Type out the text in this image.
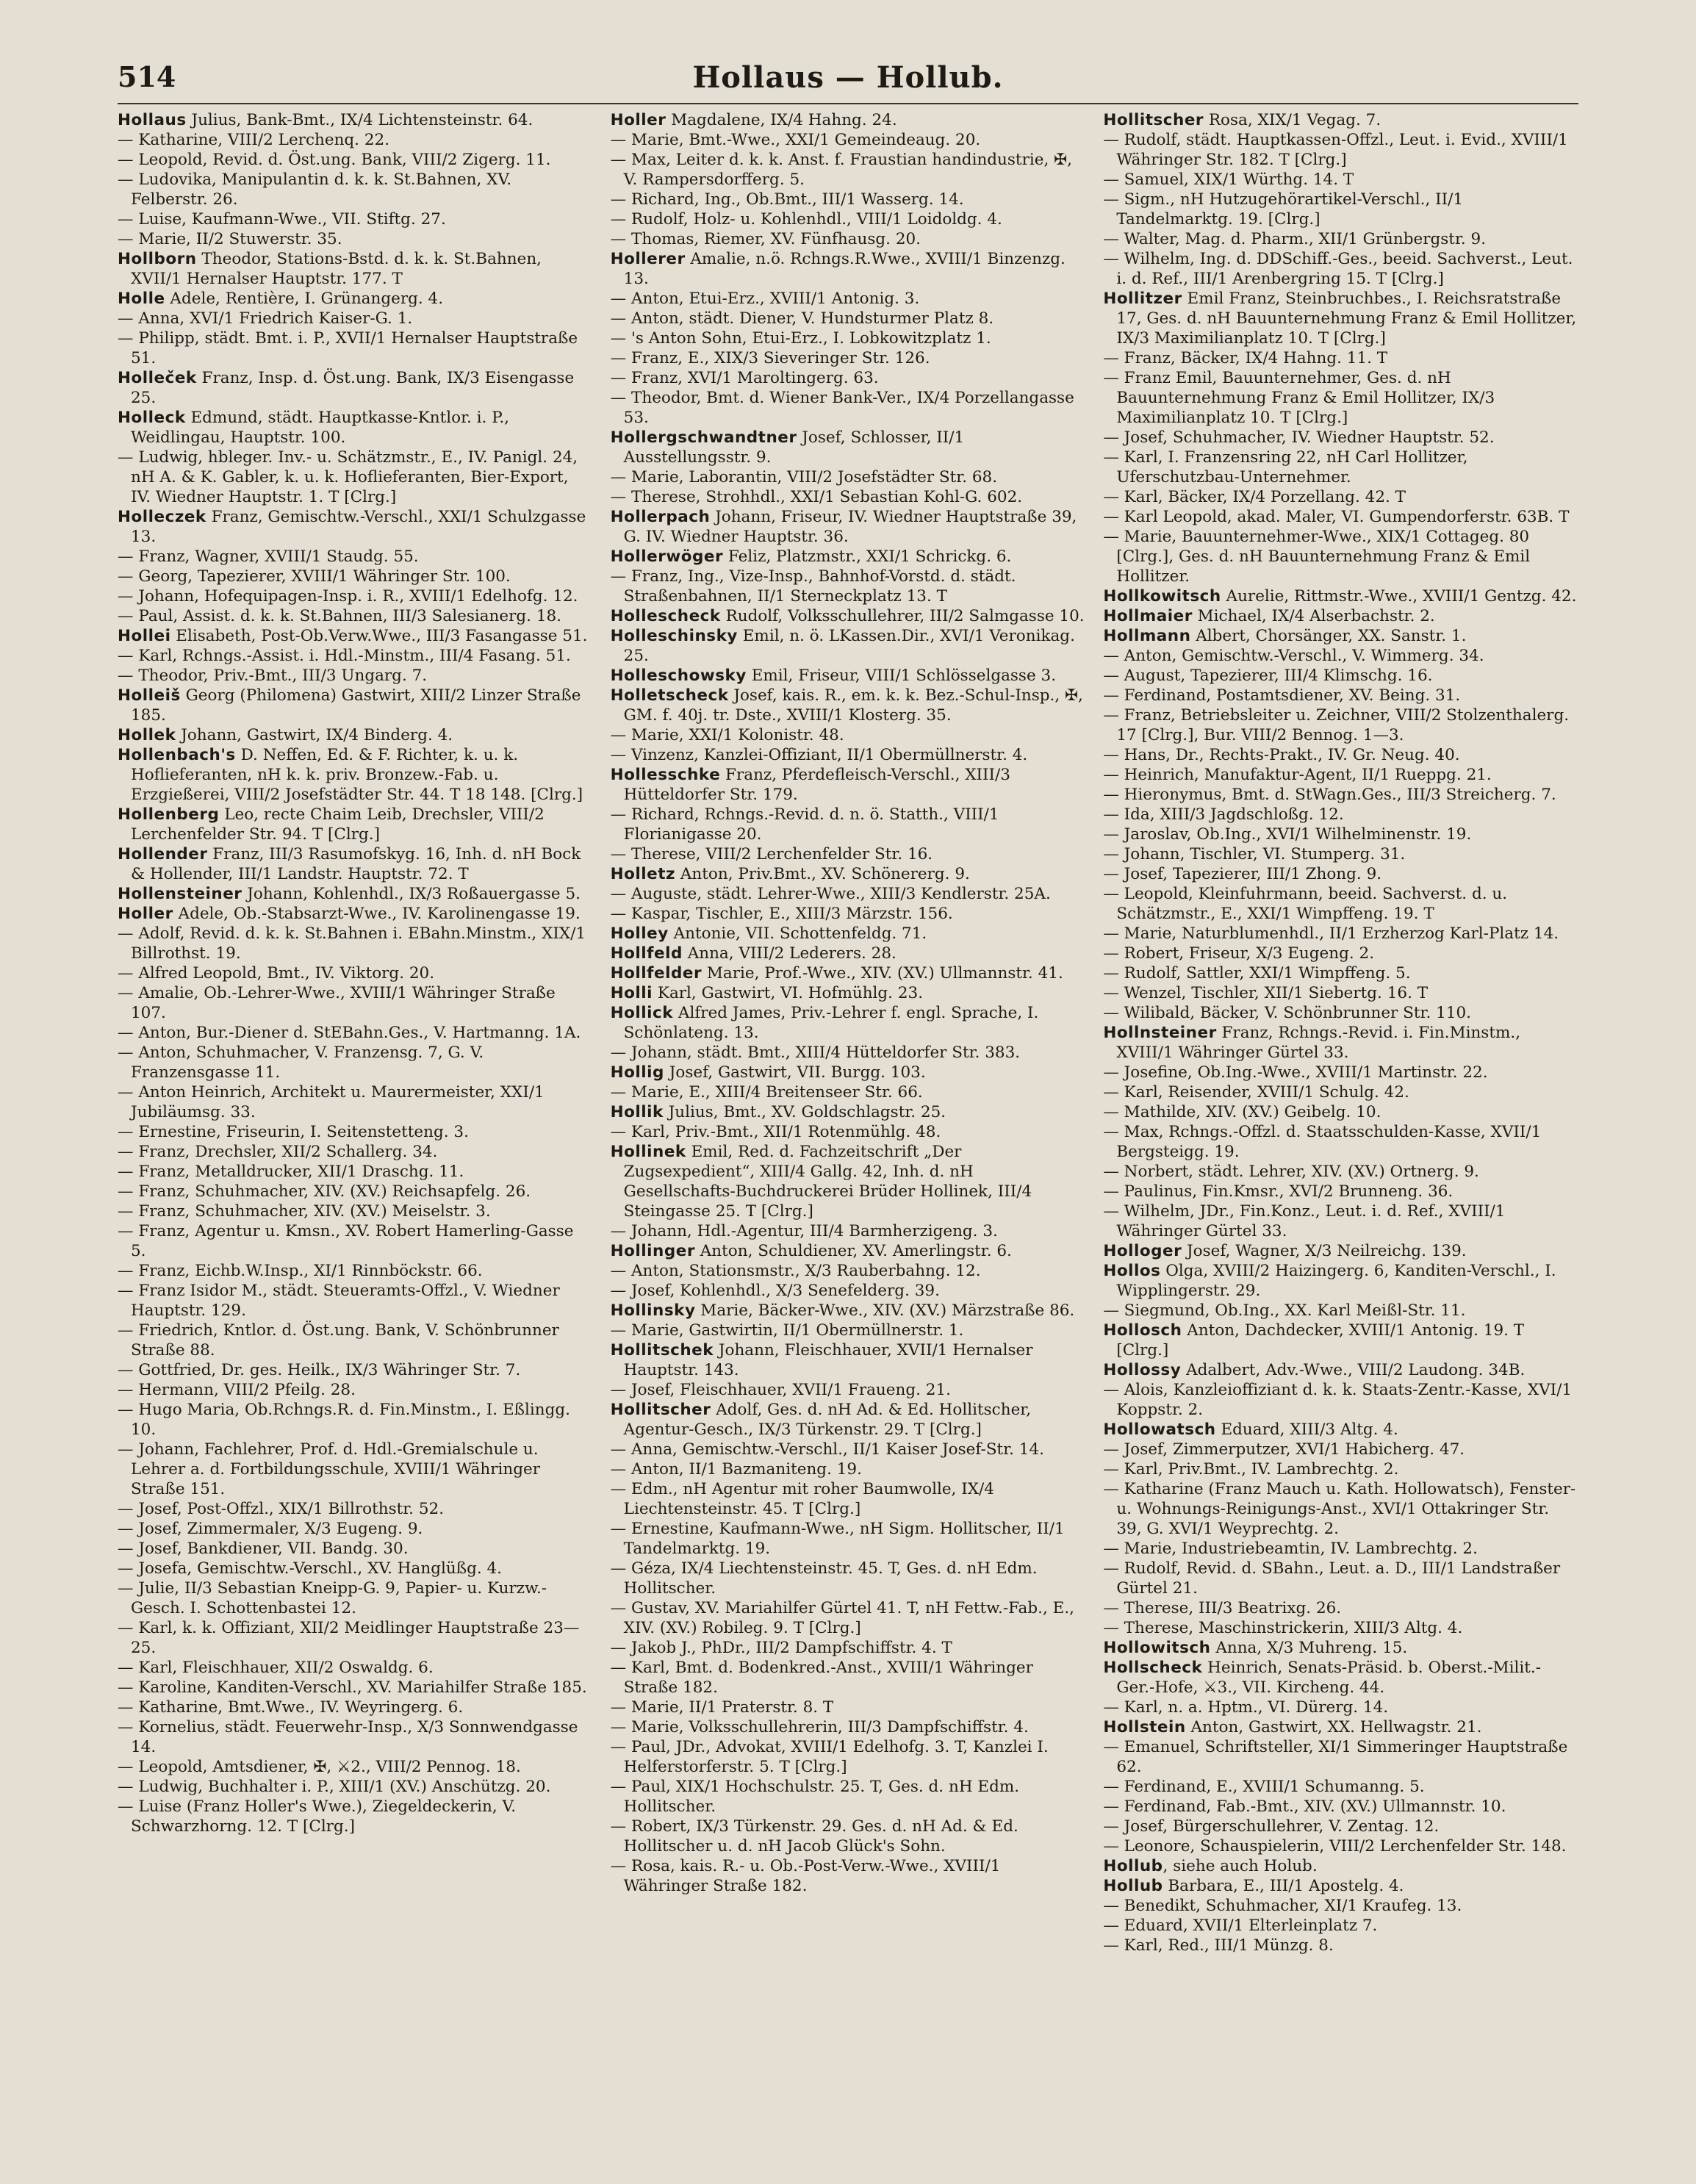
514	Hollaus — Hollub.

Hollaus Julius, Bank-Bmt., IX/4 Lichtensteinstr. 64.

— Katharine, VIII/2 Lerchenq. 22.

— Leopold, Revid. d. Öst.ung. Bank, VIII/2 Zigerg. 11.

— Ludovika, Manipulantin d. k. k. St.Bahnen, XV. Felberstr. 26.

— Luise, Kaufmann-Wwe., VII. Stiftg. 27.

— Marie, II/2 Stuwerstr. 35.

Hollborn Theodor, Stations-Bstd. d. k. k. St.Bahnen, XVII/1 Hernalser Hauptstr. 177. T

Holle Adele, Rentière, I. Grünangerg. 4.

— Anna, XVI/1 Friedrich Kaiser-G. 1.

— Philipp, städt. Bmt. i. P., XVII/1 Hernalser Hauptstraße 51.

Holleček Franz, Insp. d. Öst.ung. Bank, IX/3 Eisengasse 25.

Holleck Edmund, städt. Hauptkasse-Kntlor. i. P., Weidlingau, Hauptstr. 100.

— Ludwig, hbleger. Inv.- u. Schätzmstr., E., IV. Panigl. 24, nH A. & K. Gabler, k. u. k. Hoflieferanten, Bier-Export, IV. Wiedner Hauptstr. 1. T [Clrg.]

Holleczek Franz, Gemischtw.-Verschl., XXI/1 Schulzgasse 13.

— Franz, Wagner, XVIII/1 Staudg. 55.

— Georg, Tapezierer, XVIII/1 Währinger Str. 100.

— Johann, Hofequipagen-Insp. i. R., XVIII/1 Edelhofg. 12.

— Paul, Assist. d. k. k. St.Bahnen, III/3 Salesianerg. 18.

Hollei Elisabeth, Post-Ob.Verw.Wwe., III/3 Fasangasse 51.

— Karl, Rchngs.-Assist. i. Hdl.-Minstm., III/4 Fasang. 51.

— Theodor, Priv.-Bmt., III/3 Ungarg. 7.

Holleiš Georg (Philomena) Gastwirt, XIII/2 Linzer Straße 185.

Hollek Johann, Gastwirt, IX/4 Binderg. 4.

Hollenbach's D. Neffen, Ed. & F. Richter, k. u. k. Hoflieferanten, nH k. k. priv. Bronzew.-Fab. u. Erzgießerei, VIII/2 Josefstädter Str. 44. T 18 148. [Clrg.]

Hollenberg Leo, recte Chaim Leib, Drechsler, VIII/2 Lerchenfelder Str. 94. T [Clrg.]

Hollender Franz, III/3 Rasumofskyg. 16, Inh. d. nH Bock & Hollender, III/1 Landstr. Hauptstr. 72. T

Hollensteiner Johann, Kohlenhdl., IX/3 Roßauergasse 5.

Holler Adele, Ob.-Stabsarzt-Wwe., IV. Karolinengasse 19.

— Adolf, Revid. d. k. k. St.Bahnen i. EBahn.Minstm., XIX/1 Billrothst. 19.

— Alfred Leopold, Bmt., IV. Viktorg. 20.

— Amalie, Ob.-Lehrer-Wwe., XVIII/1 Währinger Straße 107.

— Anton, Bur.-Diener d. StEBahn.Ges., V. Hartmanng. 1A.

— Anton, Schuhmacher, V. Franzensg. 7, G. V. Franzensgasse 11.

— Anton Heinrich, Architekt u. Maurermeister, XXI/1 Jubiläumsg. 33.

— Ernestine, Friseurin, I. Seitenstetteng. 3.

— Franz, Drechsler, XII/2 Schallerg. 34.

— Franz, Metalldrucker, XII/1 Draschg. 11.

— Franz, Schuhmacher, XIV. (XV.) Reichsapfelg. 26.

— Franz, Schuhmacher, XIV. (XV.) Meiselstr. 3.

— Franz, Agentur u. Kmsn., XV. Robert Hamerling-Gasse 5.

— Franz, Eichb.W.Insp., XI/1 Rinnböckstr. 66.

— Franz Isidor M., städt. Steueramts-Offzl., V. Wiedner Hauptstr. 129.

— Friedrich, Kntlor. d. Öst.ung. Bank, V. Schönbrunner Straße 88.

— Gottfried, Dr. ges. Heilk., IX/3 Währinger Str. 7.

— Hermann, VIII/2 Pfeilg. 28.

— Hugo Maria, Ob.Rchngs.R. d. Fin.Minstm., I. Eßlingg. 10.

— Johann, Fachlehrer, Prof. d. Hdl.-Gremialschule u. Lehrer a. d. Fortbildungsschule, XVIII/1 Währinger Straße 151.

— Josef, Post-Offzl., XIX/1 Billrothstr. 52.

— Josef, Zimmermaler, X/3 Eugeng. 9.

— Josef, Bankdiener, VII. Bandg. 30.

— Josefa, Gemischtw.-Verschl., XV. Hanglüßg. 4.

— Julie, II/3 Sebastian Kneipp-G. 9, Papier- u. Kurzw.-Gesch. I. Schottenbastei 12.

— Karl, k. k. Offiziant, XII/2 Meidlinger Hauptstraße 23—25.

— Karl, Fleischhauer, XII/2 Oswaldg. 6.

— Karoline, Kanditen-Verschl., XV. Mariahilfer Straße 185.

— Katharine, Bmt.Wwe., IV. Weyringerg. 6.

— Kornelius, städt. Feuerwehr-Insp., X/3 Sonnwendgasse 14.

— Leopold, Amtsdiener, ✠, ⚔2., VIII/2 Pennog. 18.

— Ludwig, Buchhalter i. P., XIII/1 (XV.) Anschützg. 20.

— Luise (Franz Holler's Wwe.), Ziegeldeckerin, V. Schwarzhorng. 12. T [Clrg.]

Holler Magdalene, IX/4 Hahng. 24.

— Marie, Bmt.-Wwe., XXI/1 Gemeindeaug. 20.

— Max, Leiter d. k. k. Anst. f. Fraustian handindustrie, ✠, V. Rampersdorfferg. 5.

— Richard, Ing., Ob.Bmt., III/1 Wasserg. 14.

— Rudolf, Holz- u. Kohlenhdl., VIII/1 Loidoldg. 4.

— Thomas, Riemer, XV. Fünfhausg. 20.

Hollerer Amalie, n.ö. Rchngs.R.Wwe., XVIII/1 Binzenzg. 13.

— Anton, Etui-Erz., XVIII/1 Antonig. 3.

— Anton, städt. Diener, V. Hundsturmer Platz 8.

— 's Anton Sohn, Etui-Erz., I. Lobkowitzplatz 1.

— Franz, E., XIX/3 Sieveringer Str. 126.

— Franz, XVI/1 Maroltingerg. 63.

— Theodor, Bmt. d. Wiener Bank-Ver., IX/4 Porzellangasse 53.

Hollergschwandtner Josef, Schlosser, II/1 Ausstellungsstr. 9.

— Marie, Laborantin, VIII/2 Josefstädter Str. 68.

— Therese, Strohhdl., XXI/1 Sebastian Kohl-G. 602.

Hollerpach Johann, Friseur, IV. Wiedner Hauptstraße 39, G. IV. Wiedner Hauptstr. 36.

Hollerwöger Feliz, Platzmstr., XXI/1 Schrickg. 6.

— Franz, Ing., Vize-Insp., Bahnhof-Vorstd. d. städt. Straßenbahnen, II/1 Sterneckplatz 13. T

Hollescheck Rudolf, Volksschullehrer, III/2 Salmgasse 10.

Holleschinsky Emil, n. ö. LKassen.Dir., XVI/1 Veronikag. 25.

Holleschowsky Emil, Friseur, VIII/1 Schlösselgasse 3.

Holletscheck Josef, kais. R., em. k. k. Bez.-Schul-Insp., ✠, GM. f. 40j. tr. Dste., XVIII/1 Klosterg. 35.

— Marie, XXI/1 Kolonistr. 48.

— Vinzenz, Kanzlei-Offiziant, II/1 Obermüllnerstr. 4.

Hollesschke Franz, Pferdefleisch-Verschl., XIII/3 Hütteldorfer Str. 179.

— Richard, Rchngs.-Revid. d. n. ö. Statth., VIII/1 Florianigasse 20.

— Therese, VIII/2 Lerchenfelder Str. 16.

Holletz Anton, Priv.Bmt., XV. Schönererg. 9.

— Auguste, städt. Lehrer-Wwe., XIII/3 Kendlerstr. 25A.

— Kaspar, Tischler, E., XIII/3 Märzstr. 156.

Holley Antonie, VII. Schottenfeldg. 71.

Hollfeld Anna, VIII/2 Lederers. 28.

Hollfelder Marie, Prof.-Wwe., XIV. (XV.) Ullmannstr. 41.

Holli Karl, Gastwirt, VI. Hofmühlg. 23.

Hollick Alfred James, Priv.-Lehrer f. engl. Sprache, I. Schönlateng. 13.

— Johann, städt. Bmt., XIII/4 Hütteldorfer Str. 383.

Hollig Josef, Gastwirt, VII. Burgg. 103.

— Marie, E., XIII/4 Breitenseer Str. 66.

Hollik Julius, Bmt., XV. Goldschlagstr. 25.

— Karl, Priv.-Bmt., XII/1 Rotenmühlg. 48.

Hollinek Emil, Red. d. Fachzeitschrift „Der Zugsexpedient“, XIII/4 Gallg. 42, Inh. d. nH Gesellschafts-Buchdruckerei Brüder Hollinek, III/4 Steingasse 25. T [Clrg.]

— Johann, Hdl.-Agentur, III/4 Barmherzigeng. 3.

Hollinger Anton, Schuldiener, XV. Amerlingstr. 6.

— Anton, Stationsmstr., X/3 Rauberbahng. 12.

— Josef, Kohlenhdl., X/3 Senefelderg. 39.

Hollinsky Marie, Bäcker-Wwe., XIV. (XV.) Märzstraße 86.

— Marie, Gastwirtin, II/1 Obermüllnerstr. 1.

Hollitschek Johann, Fleischhauer, XVII/1 Hernalser Hauptstr. 143.

— Josef, Fleischhauer, XVII/1 Fraueng. 21.

Hollitscher Adolf, Ges. d. nH Ad. & Ed. Hollitscher, Agentur-Gesch., IX/3 Türkenstr. 29. T [Clrg.]

— Anna, Gemischtw.-Verschl., II/1 Kaiser Josef-Str. 14.

— Anton, II/1 Bazmaniteng. 19.

— Edm., nH Agentur mit roher Baumwolle, IX/4 Liechtensteinstr. 45. T [Clrg.]

— Ernestine, Kaufmann-Wwe., nH Sigm. Hollitscher, II/1 Tandelmarktg. 19.

— Géza, IX/4 Liechtensteinstr. 45. T, Ges. d. nH Edm. Hollitscher.

— Gustav, XV. Mariahilfer Gürtel 41. T, nH Fettw.-Fab., E., XIV. (XV.) Robileg. 9. T [Clrg.]

— Jakob J., PhDr., III/2 Dampfschiffstr. 4. T

— Karl, Bmt. d. Bodenkred.-Anst., XVIII/1 Währinger Straße 182.

— Marie, II/1 Praterstr. 8. T

— Marie, Volksschullehrerin, III/3 Dampfschiffstr. 4.

— Paul, JDr., Advokat, XVIII/1 Edelhofg. 3. T, Kanzlei I. Helferstorferstr. 5. T [Clrg.]

— Paul, XIX/1 Hochschulstr. 25. T, Ges. d. nH Edm. Hollitscher.

— Robert, IX/3 Türkenstr. 29. Ges. d. nH Ad. & Ed. Hollitscher u. d. nH Jacob Glück's Sohn.

— Rosa, kais. R.- u. Ob.-Post-Verw.-Wwe., XVIII/1 Währinger Straße 182.

Hollitscher Rosa, XIX/1 Vegag. 7.

— Rudolf, städt. Hauptkassen-Offzl., Leut. i. Evid., XVIII/1 Währinger Str. 182. T [Clrg.]

— Samuel, XIX/1 Würthg. 14. T

— Sigm., nH Hutzugehörartikel-Verschl., II/1 Tandelmarktg. 19. [Clrg.]

— Walter, Mag. d. Pharm., XII/1 Grünbergstr. 9.

— Wilhelm, Ing. d. DDSchiff.-Ges., beeid. Sachverst., Leut. i. d. Ref., III/1 Arenbergring 15. T [Clrg.]

Hollitzer Emil Franz, Steinbruchbes., I. Reichsratstraße 17, Ges. d. nH Bauunternehmung Franz & Emil Hollitzer, IX/3 Maximilianplatz 10. T [Clrg.]

— Franz, Bäcker, IX/4 Hahng. 11. T

— Franz Emil, Bauunternehmer, Ges. d. nH Bauunternehmung Franz & Emil Hollitzer, IX/3 Maximilianplatz 10. T [Clrg.]

— Josef, Schuhmacher, IV. Wiedner Hauptstr. 52.

— Karl, I. Franzensring 22, nH Carl Hollitzer, Uferschutzbau-Unternehmer.

— Karl, Bäcker, IX/4 Porzellang. 42. T

— Karl Leopold, akad. Maler, VI. Gumpendorferstr. 63B. T

— Marie, Bauunternehmer-Wwe., XIX/1 Cottageg. 80 [Clrg.], Ges. d. nH Bauunternehmung Franz & Emil Hollitzer.

Hollkowitsch Aurelie, Rittmstr.-Wwe., XVIII/1 Gentzg. 42.

Hollmaier Michael, IX/4 Alserbachstr. 2.

Hollmann Albert, Chorsänger, XX. Sanstr. 1.

— Anton, Gemischtw.-Verschl., V. Wimmerg. 34.

— August, Tapezierer, III/4 Klimschg. 16.

— Ferdinand, Postamtsdiener, XV. Being. 31.

— Franz, Betriebsleiter u. Zeichner, VIII/2 Stolzenthalerg. 17 [Clrg.], Bur. VIII/2 Bennog. 1—3.

— Hans, Dr., Rechts-Prakt., IV. Gr. Neug. 40.

— Heinrich, Manufaktur-Agent, II/1 Rueppg. 21.

— Hieronymus, Bmt. d. StWagn.Ges., III/3 Streicherg. 7.

— Ida, XIII/3 Jagdschloßg. 12.

— Jaroslav, Ob.Ing., XVI/1 Wilhelminenstr. 19.

— Johann, Tischler, VI. Stumperg. 31.

— Josef, Tapezierer, III/1 Zhong. 9.

— Leopold, Kleinfuhrmann, beeid. Sachverst. d. u. Schätzmstr., E., XXI/1 Wimpffeng. 19. T

— Marie, Naturblumenhdl., II/1 Erzherzog Karl-Platz 14.

— Robert, Friseur, X/3 Eugeng. 2.

— Rudolf, Sattler, XXI/1 Wimpffeng. 5.

— Wenzel, Tischler, XII/1 Siebertg. 16. T

— Wilibald, Bäcker, V. Schönbrunner Str. 110.

Hollnsteiner Franz, Rchngs.-Revid. i. Fin.Minstm., XVIII/1 Währinger Gürtel 33.

— Josefine, Ob.Ing.-Wwe., XVIII/1 Martinstr. 22.

— Karl, Reisender, XVIII/1 Schulg. 42.

— Mathilde, XIV. (XV.) Geibelg. 10.

— Max, Rchngs.-Offzl. d. Staatsschulden-Kasse, XVII/1 Bergsteigg. 19.

— Norbert, städt. Lehrer, XIV. (XV.) Ortnerg. 9.

— Paulinus, Fin.Kmsr., XVI/2 Brunneng. 36.

— Wilhelm, JDr., Fin.Konz., Leut. i. d. Ref., XVIII/1 Währinger Gürtel 33.

Holloger Josef, Wagner, X/3 Neilreichg. 139.

Hollos Olga, XVIII/2 Haizingerg. 6, Kanditen-Verschl., I. Wipplingerstr. 29.

— Siegmund, Ob.Ing., XX. Karl Meißl-Str. 11.

Hollosch Anton, Dachdecker, XVIII/1 Antonig. 19. T [Clrg.]

Hollossy Adalbert, Adv.-Wwe., VIII/2 Laudong. 34B.

— Alois, Kanzleioffiziant d. k. k. Staats-Zentr.-Kasse, XVI/1 Koppstr. 2.

Hollowatsch Eduard, XIII/3 Altg. 4.

— Josef, Zimmerputzer, XVI/1 Habicherg. 47.

— Karl, Priv.Bmt., IV. Lambrechtg. 2.

— Katharine (Franz Mauch u. Kath. Hollowatsch), Fenster- u. Wohnungs-Reinigungs-Anst., XVI/1 Ottakringer Str. 39, G. XVI/1 Weyprechtg. 2.

— Marie, Industriebeamtin, IV. Lambrechtg. 2.

— Rudolf, Revid. d. SBahn., Leut. a. D., III/1 Landstraßer Gürtel 21.

— Therese, III/3 Beatrixg. 26.

— Therese, Maschinstrickerin, XIII/3 Altg. 4.

Hollowitsch Anna, X/3 Muhreng. 15.

Hollscheck Heinrich, Senats-Präsid. b. Oberst.-Milit.-Ger.-Hofe, ⚔3., VII. Kircheng. 44.

— Karl, n. a. Hptm., VI. Dürerg. 14.

Hollstein Anton, Gastwirt, XX. Hellwagstr. 21.

— Emanuel, Schriftsteller, XI/1 Simmeringer Hauptstraße 62.

— Ferdinand, E., XVIII/1 Schumanng. 5.

— Ferdinand, Fab.-Bmt., XIV. (XV.) Ullmannstr. 10.

— Josef, Bürgerschullehrer, V. Zentag. 12.

— Leonore, Schauspielerin, VIII/2 Lerchenfelder Str. 148.

Hollub, siehe auch Holub.

Hollub Barbara, E., III/1 Apostelg. 4.

— Benedikt, Schuhmacher, XI/1 Kraufeg. 13.

— Eduard, XVII/1 Elterleinplatz 7.

— Karl, Red., III/1 Münzg. 8.
